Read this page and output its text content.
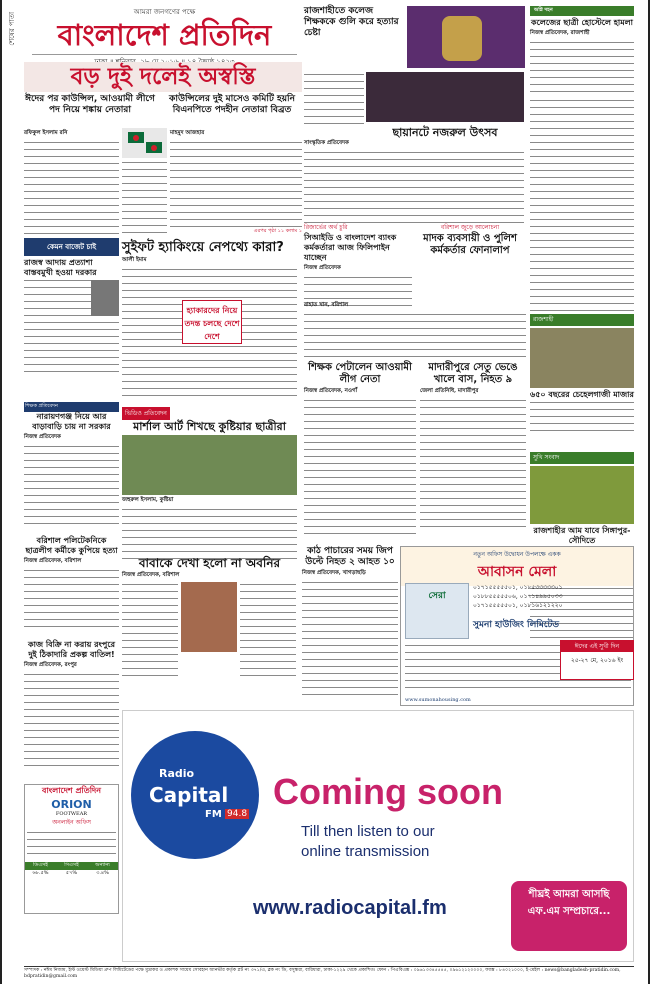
শেষের পাতা	আমরা জনগণের পক্ষে
বাংলাদেশ প্রতিদিন
রাজশাহীতে কলেজ শিক্ষককে গুলি করে হত্যার চেষ্টা
অগ্নি দহন
কলেজের ছাত্রী হোস্টেলে হামলা
নিজস্ব প্রতিবেদক, রাজশাহী
বড় দুই দলেই অস্বস্তি
ঈদের পর কাউন্সিল, আওয়ামী লীগে পদ নিয়ে শঙ্কায় নেতারা
কাউন্সিলের দুই মাসেও কমিটি হয়নি বিএনপিতে পদহীন নেতারা বিব্রত
রফিকুল ইসলাম রনি	মাহমুদ আজহার
এরপর পৃষ্ঠা ১১ কলাম ১
ছায়ানটে নজরুল উৎসব
সাংস্কৃতিক প্রতিবেদক
কেমন বাজেট চাই
রাজস্ব আদায় প্রত্যাশা বাস্তবমুখী হওয়া দরকার
সুইফট হ্যাকিংয়ে নেপথ্যে কারা?
আলী ইমাম
হ্যাকারদের নিয়ে তদন্ত চলছে দেশে দেশে
রিজার্ভের অর্থ চুরি
সিআইডি ও বাংলাদেশ ব্যাংক কর্মকর্তারা আজ ফিলিপাইন যাচ্ছেন
নিজস্ব প্রতিবেদক
বরিশাল জুড়ে আলোচনা
মাদক ব্যবসায়ী ও পুলিশ কর্মকর্তার ফোনালাপ
রাহাত খান, বরিশাল
রাজশাহী
৬৫০ বছরের চেহেলগাজী মাজার
সুখি সংবাদ
রাজশাহীর আম যাবে সিঙ্গাপুর-সৌদিতে
শিক্ষক প্রতিবেদন
নারায়ণগঞ্জ নিয়ে আর বাড়াবাড়ি চায় না সরকার
নিজস্ব প্রতিবেদক
ভিডিও প্রতিবেদন
মার্শাল আর্ট শিখছে কুষ্টিয়ার ছাত্রীরা
জহুরুল ইসলাম, কুষ্টিয়া
শিক্ষক পেটালেন আওয়ামী লীগ নেতা
নিজস্ব প্রতিবেদক, নওগাঁ
মাদারীপুরে সেতু ভেঙে খালে বাস, নিহত ৯
জেলা প্রতিনিধি, মাদারীপুর
বরিশাল পলিটেকনিকে ছাত্রলীগ কর্মীকে কুপিয়ে হত্যা
নিজস্ব প্রতিবেদক, বরিশাল	বাবাকে দেখা হলো না অবনির
নিজস্ব প্রতিবেদক, বরিশাল
কাঠ পাচারের সময় জিপ উল্টে নিহত ২ আহত ১০
নিজস্ব প্রতিবেদক, খাগড়াছড়ি
নতুন অফিস উদ্বোধন উপলক্ষে একক
আবাসন মেলা
সেরা
০১৭১৫৫৫৫৫০১, ০১৮৫৩৩৩৩৩০১
০১৮৮৫৫৫৫৫০৬, ০১৭১৪৯৯৫০৩৩
০১৭১৫৫৫৫৫০১, ০১৮১৬১২১২২০
সুমনা হাউজিং লিমিটেড
www.sumonahousing.com
ঈদের এই সুখী দিন
২৫-২৭ মে, ২০১৬ ইং
কাজ বিক্রি না করায় রংপুরে দুই ঠিকাদারি প্রকল্প বাতিল!
নিজস্ব প্রতিবেদক, রংপুর
বাংলাদেশ প্রতিদিন
ORION
FOOTWEAR
অনলাইন অফিস
ডিএসই	সিএসই	অন্যান্য
৬৮.৫%	৫৭%	৩.৪%
Radio
Capital
FM 94.8
Coming soon
Till then listen to our
online transmission
www.radiocapital.fm
শীঘ্রই আমরা আসছি এফ.এম সম্প্রচারে...
সম্পাদক : নঈম নিজাম, ইস্ট ওয়েস্ট মিডিয়া গ্রুপ লিমিটেডের পক্ষে মুদ্রাকর ও প্রকাশক সায়েম সোবহান আনভীর কর্তৃক প্লট নং ৩৭১/এ, ব্লক নং ডি, বসুন্ধরা, বারিধারা, ঢাকা-১২২৯ থেকে প্রকাশিত। ফোন : পিএবিএক্স : ০৯৬১৩৩৪৫৫৪৫, ০৯৬১২১২০০০০, ফ্যাক্স : ৮৪০২১০০০, ই-মেইল : news@bangladesh-pratidin.com, bdpratidin@gmail.com
